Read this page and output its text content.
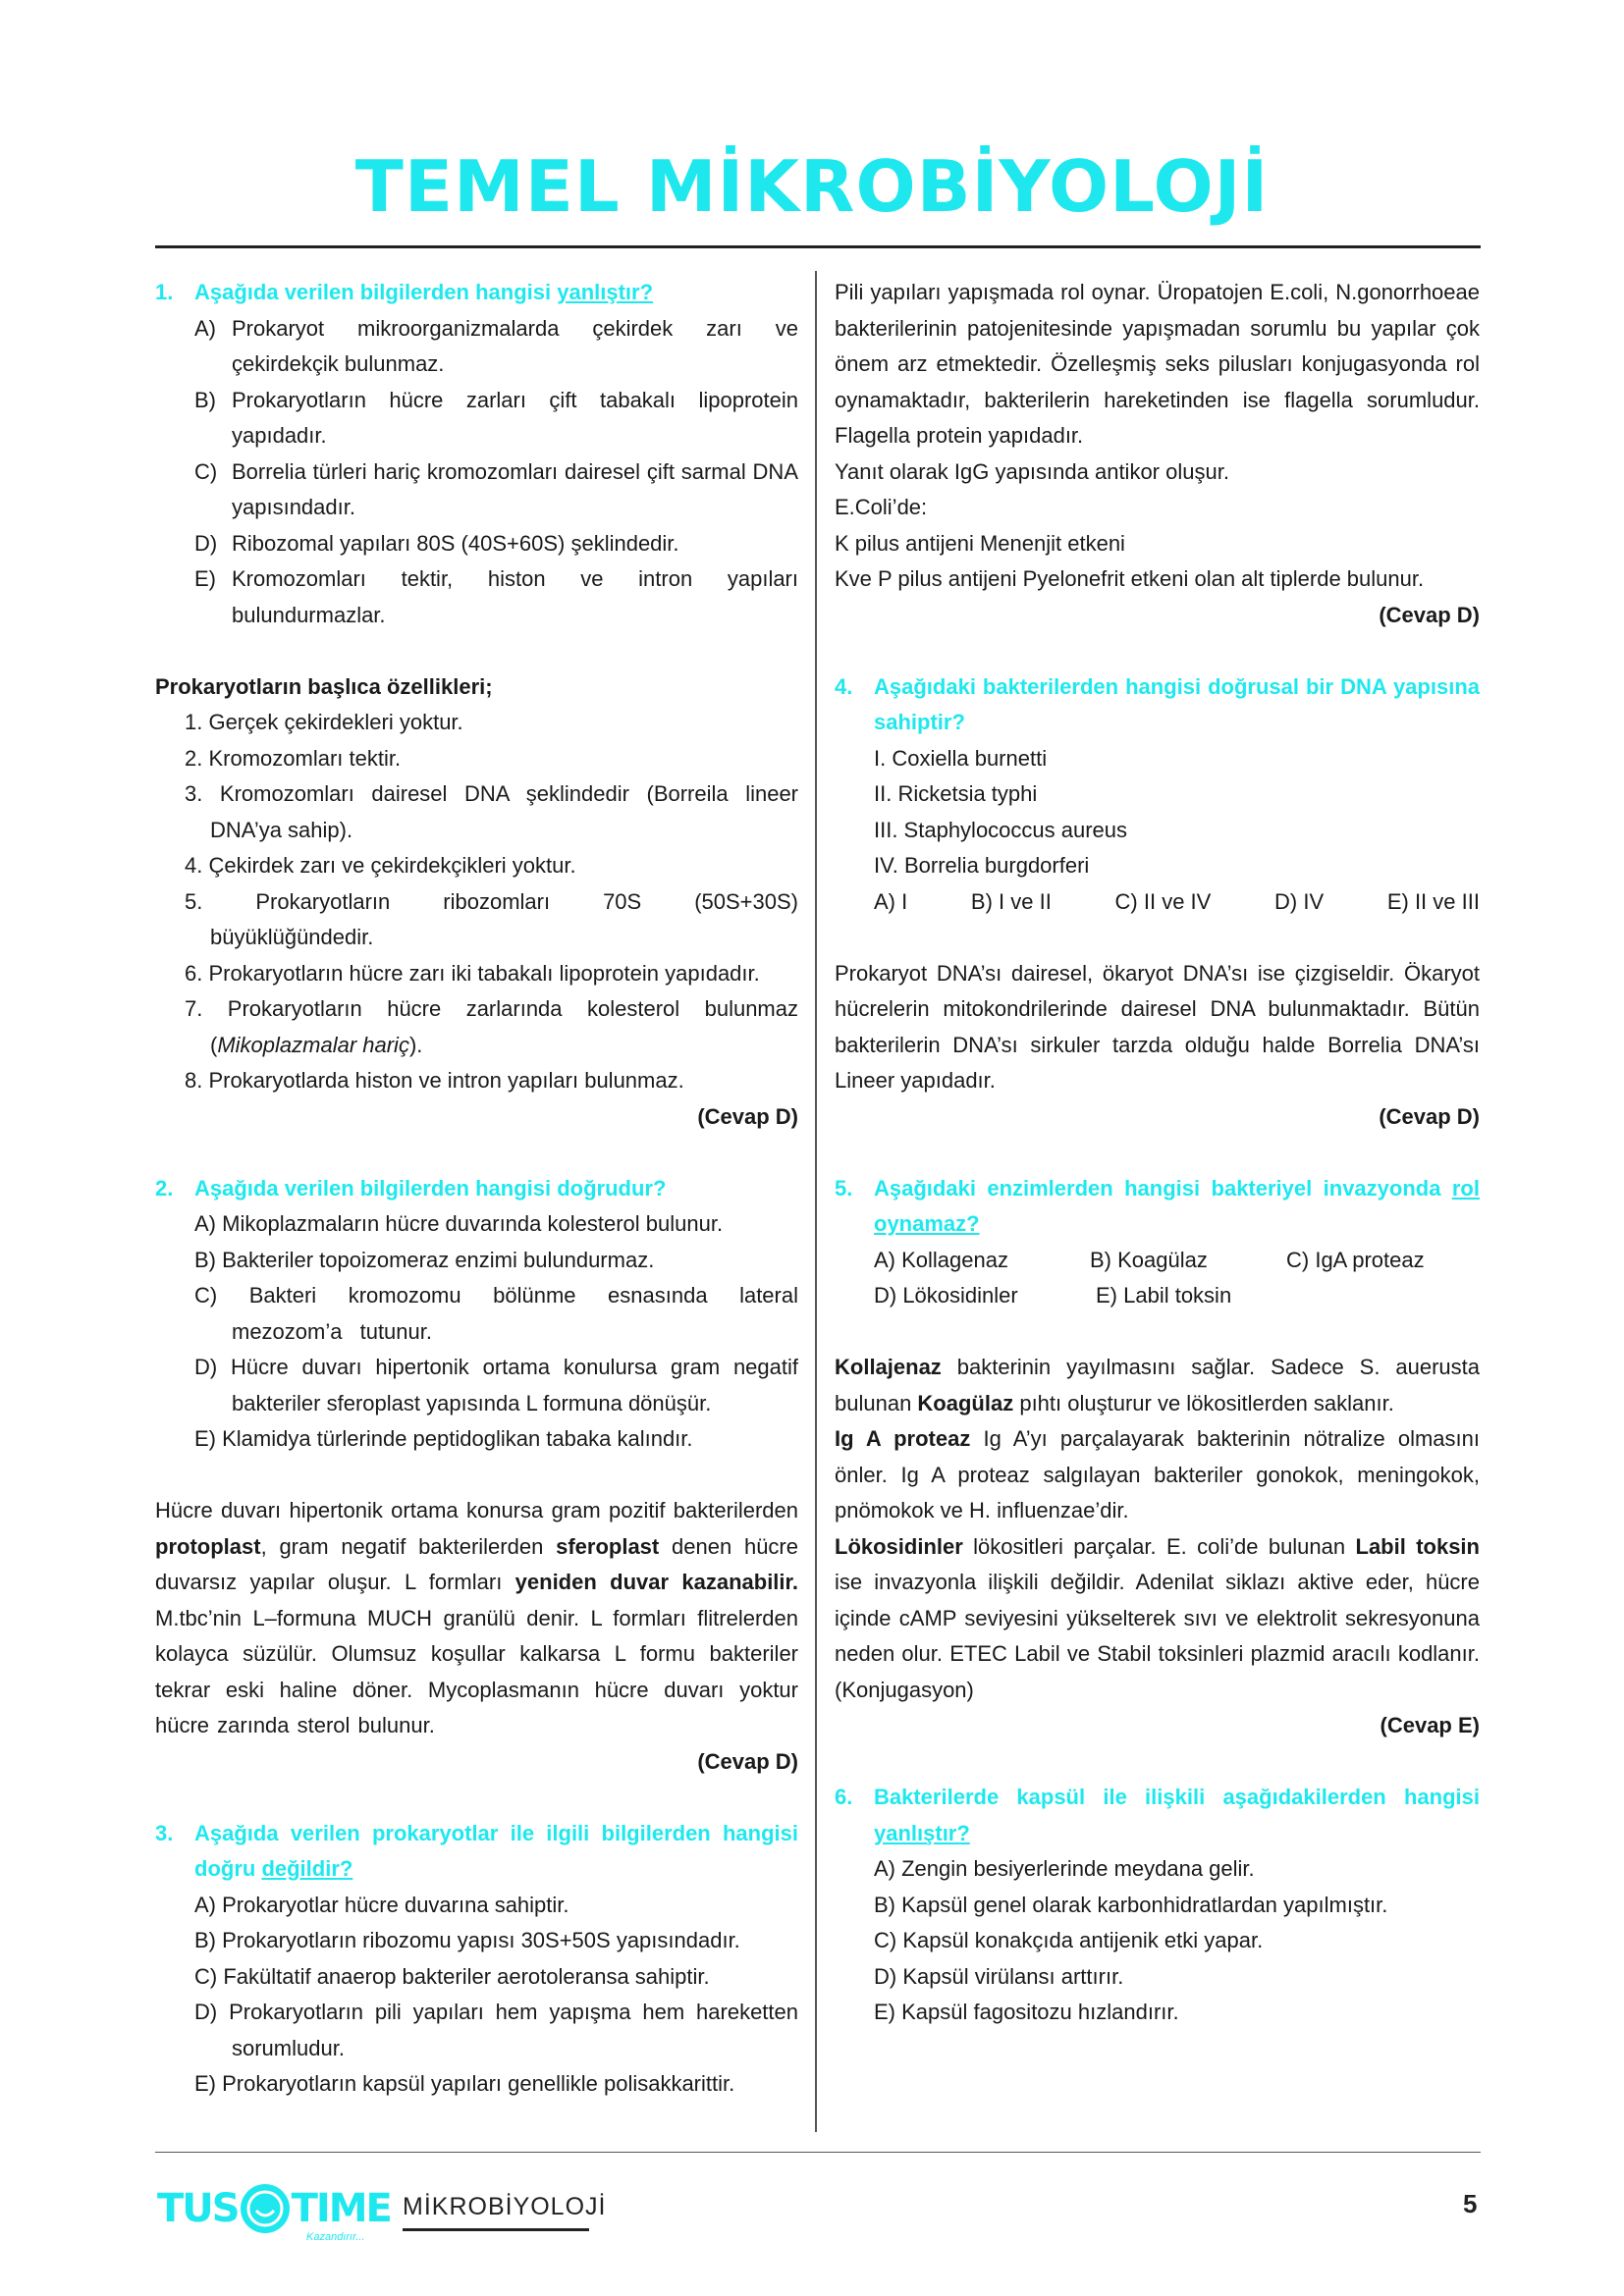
TEMEL MİKROBİYOLOJİ
1. Aşağıda verilen bilgilerden hangisi yanlıştır?
A) Prokaryot mikroorganizmalarda çekirdek zarı ve çekirdekçik bulunmaz.
B) Prokaryotların hücre zarları çift tabakalı lipoprotein yapıdadır.
C) Borrelia türleri hariç kromozomları dairesel çift sarmal DNA yapısındadır.
D) Ribozomal yapıları 80S (40S+60S) şeklindedir.
E) Kromozomları tektir, histon ve intron yapıları bulundurmazlar.
Prokaryotların başlıca özellikleri;
1. Gerçek çekirdekleri yoktur.
2. Kromozomları tektir.
3. Kromozomları dairesel DNA şeklindedir (Borreila lineer DNA’ya sahip).
4. Çekirdek zarı ve çekirdekçikleri yoktur.
5. Prokaryotların ribozomları 70S (50S+30S) büyüklüğündedir.
6. Prokaryotların hücre zarı iki tabakalı lipoprotein yapıdadır.
7. Prokaryotların hücre zarlarında kolesterol bulunmaz (Mikoplazmalar hariç).
8. Prokaryotlarda histon ve intron yapıları bulunmaz.
(Cevap D)
2. Aşağıda verilen bilgilerden hangisi doğrudur?
A) Mikoplazmaların hücre duvarında kolesterol bulunur.
B) Bakteriler topoizomeraz enzimi bulundurmaz.
C) Bakteri kromozomu bölünme esnasında lateral mezozom’a tutunur.
D) Hücre duvarı hipertonik ortama konulursa gram negatif bakteriler sferoplast yapısında L formuna dönüşür.
E) Klamidya türlerinde peptidoglikan tabaka kalındır.

Hücre duvarı hipertonik ortama konursa gram pozitif bakterilerden protoplast, gram negatif bakterilerden sferoplast denen hücre duvarsız yapılar oluşur. L formları yeniden duvar kazanabilir. M.tbc’nin L–formuna MUCH granülü denir. L formları flitrelerden kolayca süzülür. Olumsuz koşullar kalkarsa L formu bakteriler tekrar eski haline döner. Mycoplasmanın hücre duvarı yoktur hücre zarında sterol bulunur.

(Cevap D)
3. Aşağıda verilen prokaryotlar ile ilgili bilgilerden hangisi doğru değildir?
A) Prokaryotlar hücre duvarına sahiptir.
B) Prokaryotların ribozomu yapısı 30S+50S yapısındadır.
C) Fakültatif anaerop bakteriler aerotoleransa sahiptir.
D) Prokaryotların pili yapıları hem yapışma hem hareketten sorumludur.
E) Prokaryotların kapsül yapıları genellikle polisakkarittir.

Pili yapıları yapışmada rol oynar. Üropatojen E.coli, N.gonorrhoeae bakterilerinin patojenitesinde yapışmadan sorumlu bu yapılar çok önem arz etmektedir. Özelleşmiş seks pilusları konjugasyonda rol oynamaktadır, bakterilerin hareketinden ise flagella sorumludur. Flagella protein yapıdadır.

Yanıt olarak IgG yapısında antikor oluşur.
E.Coli’de:
K pilus antijeni Menenjit etkeni
Kve P pilus antijeni Pyelonefrit etkeni olan alt tiplerde bulunur.
(Cevap D)
4. Aşağıdaki bakterilerden hangisi doğrusal bir DNA yapısına sahiptir?
I. Coxiella burnetti
II. Ricketsia typhi
III. Staphylococcus aureus
IV. Borrelia burgdorferi
A) I	B) I ve II	C) II ve IV	D) IV	E) II ve III

Prokaryot DNA’sı dairesel, ökaryot DNA’sı ise çizgiseldir. Ökaryot hücrelerin mitokondrilerinde dairesel DNA bulunmaktadır. Bütün bakterilerin DNA’sı sirkuler tarzda olduğu halde Borrelia DNA’sı Lineer yapıdadır.

(Cevap D)
5. Aşağıdaki enzimlerden hangisi bakteriyel invazyonda rol oynamaz?
A) Kollagenaz	B) Koagülaz	C) IgA proteaz
D) Lökosidinler	E) Labil toksin

Kollajenaz bakterinin yayılmasını sağlar. Sadece S. auerusta bulunan Koagülaz pıhtı oluşturur ve lökositlerden saklanır.

Ig A proteaz Ig A’yı parçalayarak bakterinin nötralize olmasını önler. Ig A proteaz salgılayan bakteriler gonokok, meningokok, pnömokok ve H. influenzae’dir.

Lökosidinler lökositleri parçalar. E. coli’de bulunan Labil toksin ise invazyonla ilişkili değildir. Adenilat siklazı aktive eder, hücre içinde cAMP seviyesini yükselterek sıvı ve elektrolit sekresyonuna neden olur. ETEC Labil ve Stabil toksinleri plazmid aracılı kodlanır. (Konjugasyon)

(Cevap E)
6. Bakterilerde kapsül ile ilişkili aşağıdakilerden hangisi yanlıştır?
A) Zengin besiyerlerinde meydana gelir.
B) Kapsül genel olarak karbonhidratlardan yapılmıştır.
C) Kapsül konakçıda antijenik etki yapar.
D) Kapsül virülansı arttırır.
E) Kapsül fagositozu hızlandırır.
TUS TIME
Kazandırır...
MİKROBİYOLOJİ	5
